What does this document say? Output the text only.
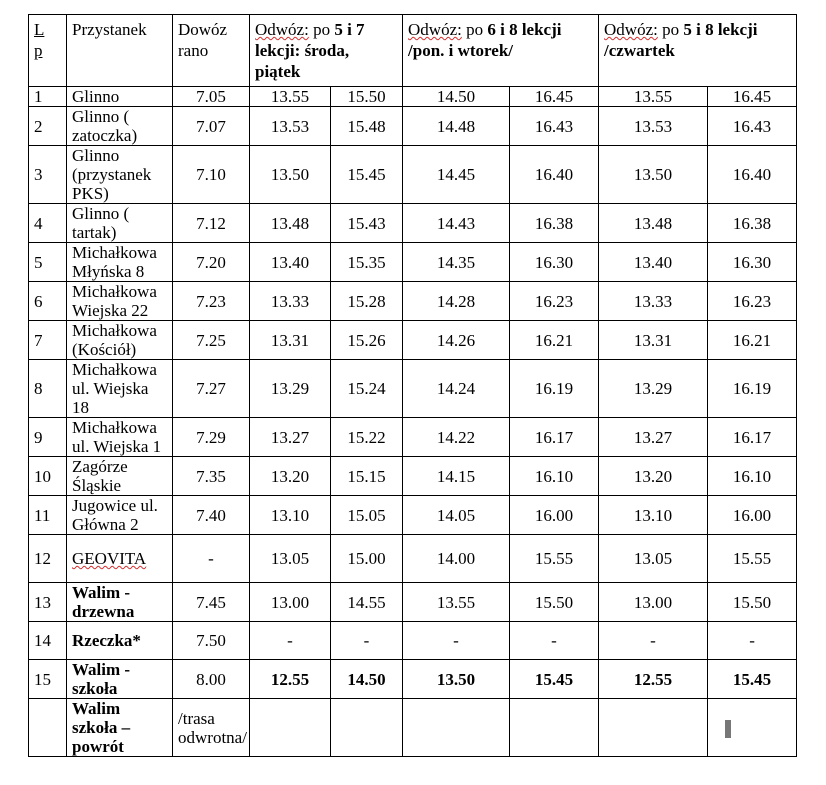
L
p	Przystanek	Dowóz rano	Odwóz: po 5 i 7 lekcji: środa, piątek		Odwóz: po 6 i 8 lekcji /pon. i wtorek/		Odwóz: po 5 i 8 lekcji /czwartek	
1	Glinno	7.05	13.55	15.50	14.50	16.45	13.55	16.45
2	Glinno ( zatoczka)	7.07	13.53	15.48	14.48	16.43	13.53	16.43
3	Glinno (przystanek PKS)	7.10	13.50	15.45	14.45	16.40	13.50	16.40
4	Glinno ( tartak)	7.12	13.48	15.43	14.43	16.38	13.48	16.38
5	Michałkowa Młyńska 8	7.20	13.40	15.35	14.35	16.30	13.40	16.30
6	Michałkowa Wiejska 22	7.23	13.33	15.28	14.28	16.23	13.33	16.23
7	Michałkowa (Kościół)	7.25	13.31	15.26	14.26	16.21	13.31	16.21
8	Michałkowa ul. Wiejska 18	7.27	13.29	15.24	14.24	16.19	13.29	16.19
9	Michałkowa ul. Wiejska 1	7.29	13.27	15.22	14.22	16.17	13.27	16.17
10	Zagórze Śląskie	7.35	13.20	15.15	14.15	16.10	13.20	16.10
11	Jugowice ul. Główna 2	7.40	13.10	15.05	14.05	16.00	13.10	16.00
12	GEOVITA	-	13.05	15.00	14.00	15.55	13.05	15.55
13	Walim - drzewna	7.45	13.00	14.55	13.55	15.50	13.00	15.50
14	Rzeczka*	7.50	-	-	-	-	-	-
15	Walim - szkoła	8.00	12.55	14.50	13.50	15.45	12.55	15.45
	Walim szkoła – powrót	/trasa odwrotna/						
